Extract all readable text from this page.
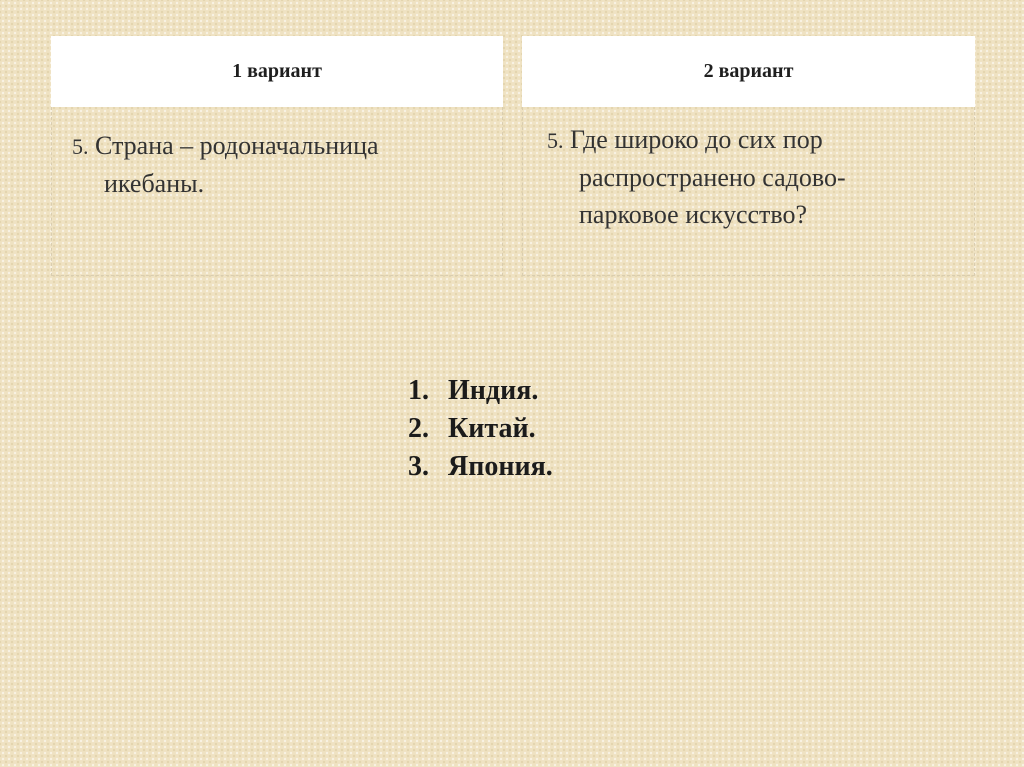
1 вариант
5. Страна – родоначальница
икебаны.
2 вариант
5. Где широко до сих пор
распространено садово-
парковое искусство?
1. Индия.
2. Китай.
3. Япония.
